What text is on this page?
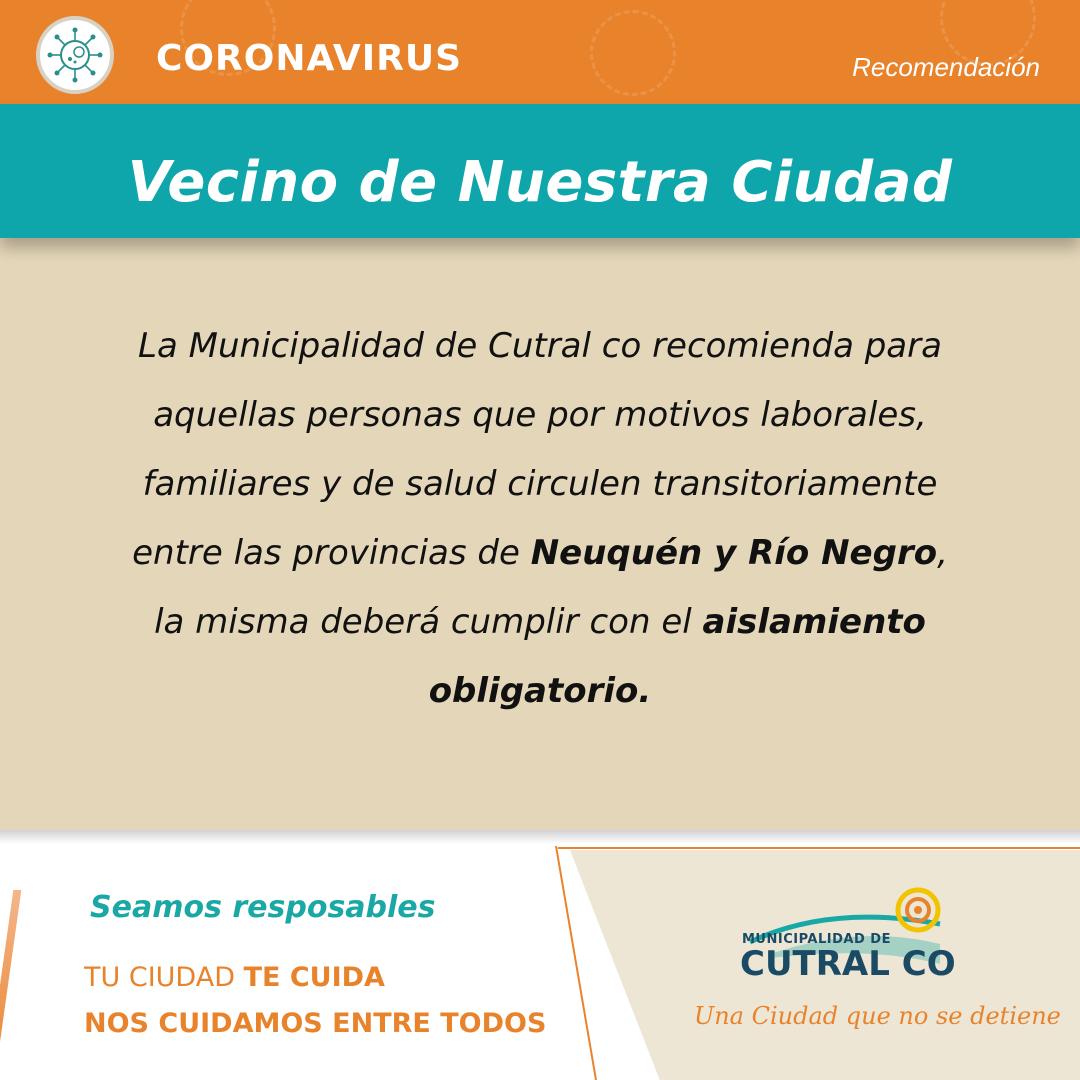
CORONAVIRUS	Recomendación
Vecino de Nuestra Ciudad
La Municipalidad de Cutral co recomienda para aquellas personas que por motivos laborales, familiares y de salud circulen transitoriamente entre las provincias de Neuquén y Río Negro, la misma deberá cumplir con el aislamiento obligatorio.
Seamos resposables
TU CIUDAD TE CUIDA
NOS CUIDAMOS ENTRE TODOS
MUNICIPALIDAD DE
CUTRAL CO
Una Ciudad que no se detiene
